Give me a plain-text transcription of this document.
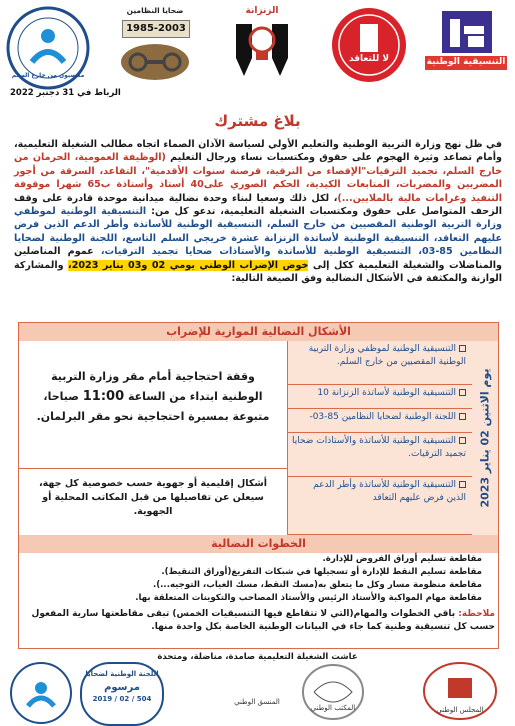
التنسيقية الوطنية
لا للتعاقد
الزنزانة
10
ضحايا النظامين
1985-2003
مقصيون من خارج السلم
الرباط في 31 دجنبر 2022
بلاغ مشترك
في ظل نهج وزارة التربية الوطنية والتعليم الأولي لسياسة الآذان الصماء اتجاه مطالب الشغيلة التعليمية، وأمام تصاعد وثيرة الهجوم على حقوق ومكتسبات نساء ورجال التعليم (الوظيفة العمومية، الحرمان من خارج السلم، تجميد الترقيات"الإقصاء من الترقية، قرصنة سنوات الأقدمية"، التقاعد، السرقة من أجور المضربين والمضربات، المتابعات الكيدية، الحكم الصوري على40 أستاذ وأستاذة ب65 شهرا موقوفة التنفيذ وغرامات مالية بالملايين...)، لكل ذلك وسعيا لبناء وحدة نضالية ميدانية موحدة قادرة على وقف الزحف المتواصل على حقوق ومكتسبات الشغيلة التعليمية، تدعو كل من: التنسيقية الوطنية لموظفي وزارة التربية الوطنية المقصيين من خارج السلم، التنسيقية الوطنية للأساتذة وأطر الدعم الذين فرض عليهم التعاقد، التنسيقية الوطنية لأساتذة الزنزانة عشرة خريجي السلم التاسع، اللجنة الوطنية لضحايا النظامين 85-03، التنسيقية الوطنية للأساتذة والأستاذات ضحايا تجميد الترقيات، عموم المناضلين والمناضلات والشغيلة التعليمية ككل إلى خوض الإضراب الوطني يومي 02 و03 يناير 2023، والمشاركة الوازنة والمكثفة في الأشكال النضالية وفق الصيغة التالية:
الأشكال النضالية الموازية للإضراب
يوم الاثنين 02 يناير 2023
التنسيقية الوطنية لموظفي وزارة التربية الوطنية المقصيين من خارج السلم.
التنسيقية الوطنية لأساتذة الزنزانة 10
اللجنة الوطنية لضحايا النظامين 85-03-
التنسيقية الوطنية للأساتذة والأستاذات ضحايا تجميد الترقيات.
التنسيقية الوطنية للأساتذة وأطر الدعم الذين فرض عليهم التعاقد
وقفة احتجاجية أمام مقر وزارة التربية الوطنية ابتداء من الساعة 11:00 صباحا، متبوعة بمسيرة احتجاجية نحو مقر البرلمان.
أشكال إقليمية أو جهوية حسب خصوصية كل جهة، سيعلن عن تفاصيلها من قبل المكاتب المحلية أو الجهوية.
الخطوات النضالية
مقاطعة تسليم أوراق الفروض للإدارة.
مقاطعة تسليم النقط للإدارة أو تسجيلها في شبكات التفريغ(أوراق التنقيط).
مقاطعة منظومة مسار وكل ما يتعلق به(مسك النقط، مسك الغياب، التوجيه...).
مقاطعة مهام المواكبة والأستاذ الرئيس والأستاذ المصاحب والتكوينات المتعلقة بها.
ملاحظة: باقي الخطوات والمهام(التي لا تتقاطع فيها التنسيقيات الخمس) تبقى مقاطعتها سارية المفعول حسب كل تنسيقية وطنية كما جاء في البيانات الوطنية الخاصة بكل واحدة منها.
اللجنة الوطنية لضحايا
مرسوم
504 / 02 / 2019	المنسق الوطني
المكتب الوطني	المجلس الوطني
عاشت الشغيلة التعليمية صامدة، مناضلة، ومتحدة
